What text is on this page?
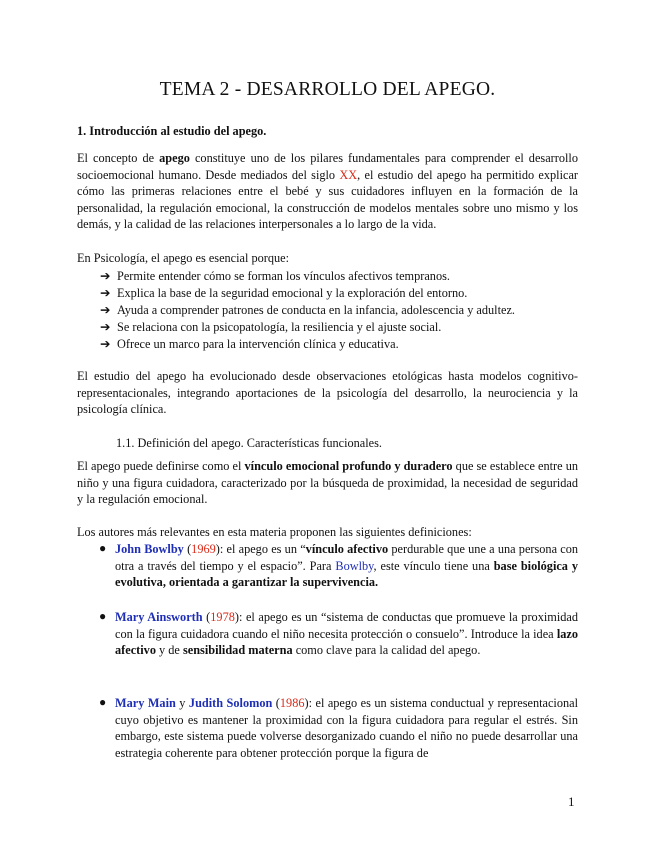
TEMA 2 - DESARROLLO DEL APEGO.
1. Introducción al estudio del apego.

El concepto de apego constituye uno de los pilares fundamentales para comprender el desarrollo socioemocional humano. Desde mediados del siglo XX, el estudio del apego ha permitido explicar cómo las primeras relaciones entre el bebé y sus cuidadores influyen en la formación de la personalidad, la regulación emocional, la construcción de modelos mentales sobre uno mismo y los demás, y la calidad de las relaciones interpersonales a lo largo de la vida.

En Psicología, el apego es esencial porque:

➔ Permite entender cómo se forman los vínculos afectivos tempranos.
➔ Explica la base de la seguridad emocional y la exploración del entorno.
➔ Ayuda a comprender patrones de conducta en la infancia, adolescencia y adultez.
➔ Se relaciona con la psicopatología, la resiliencia y el ajuste social.
➔ Ofrece un marco para la intervención clínica y educativa.

El estudio del apego ha evolucionado desde observaciones etológicas hasta modelos cognitivo-representacionales, integrando aportaciones de la psicología del desarrollo, la neurociencia y la psicología clínica.

1.1. Definición del apego. Características funcionales.

El apego puede definirse como el vínculo emocional profundo y duradero que se establece entre un niño y una figura cuidadora, caracterizado por la búsqueda de proximidad, la necesidad de seguridad y la regulación emocional.

Los autores más relevantes en esta materia proponen las siguientes definiciones:

● John Bowlby (1969): el apego es un “vínculo afectivo perdurable que une a una persona con otra a través del tiempo y el espacio”. Para Bowlby, este vínculo tiene una base biológica y evolutiva, orientada a garantizar la supervivencia.
● Mary Ainsworth (1978): el apego es un “sistema de conductas que promueve la proximidad con la figura cuidadora cuando el niño necesita protección o consuelo”. Introduce la idea lazo afectivo y de sensibilidad materna como clave para la calidad del apego.
● Mary Main y Judith Solomon (1986): el apego es un sistema conductual y representacional cuyo objetivo es mantener la proximidad con la figura cuidadora para regular el estrés. Sin embargo, este sistema puede volverse desorganizado cuando el niño no puede desarrollar una estrategia coherente para obtener protección porque la figura de
1
